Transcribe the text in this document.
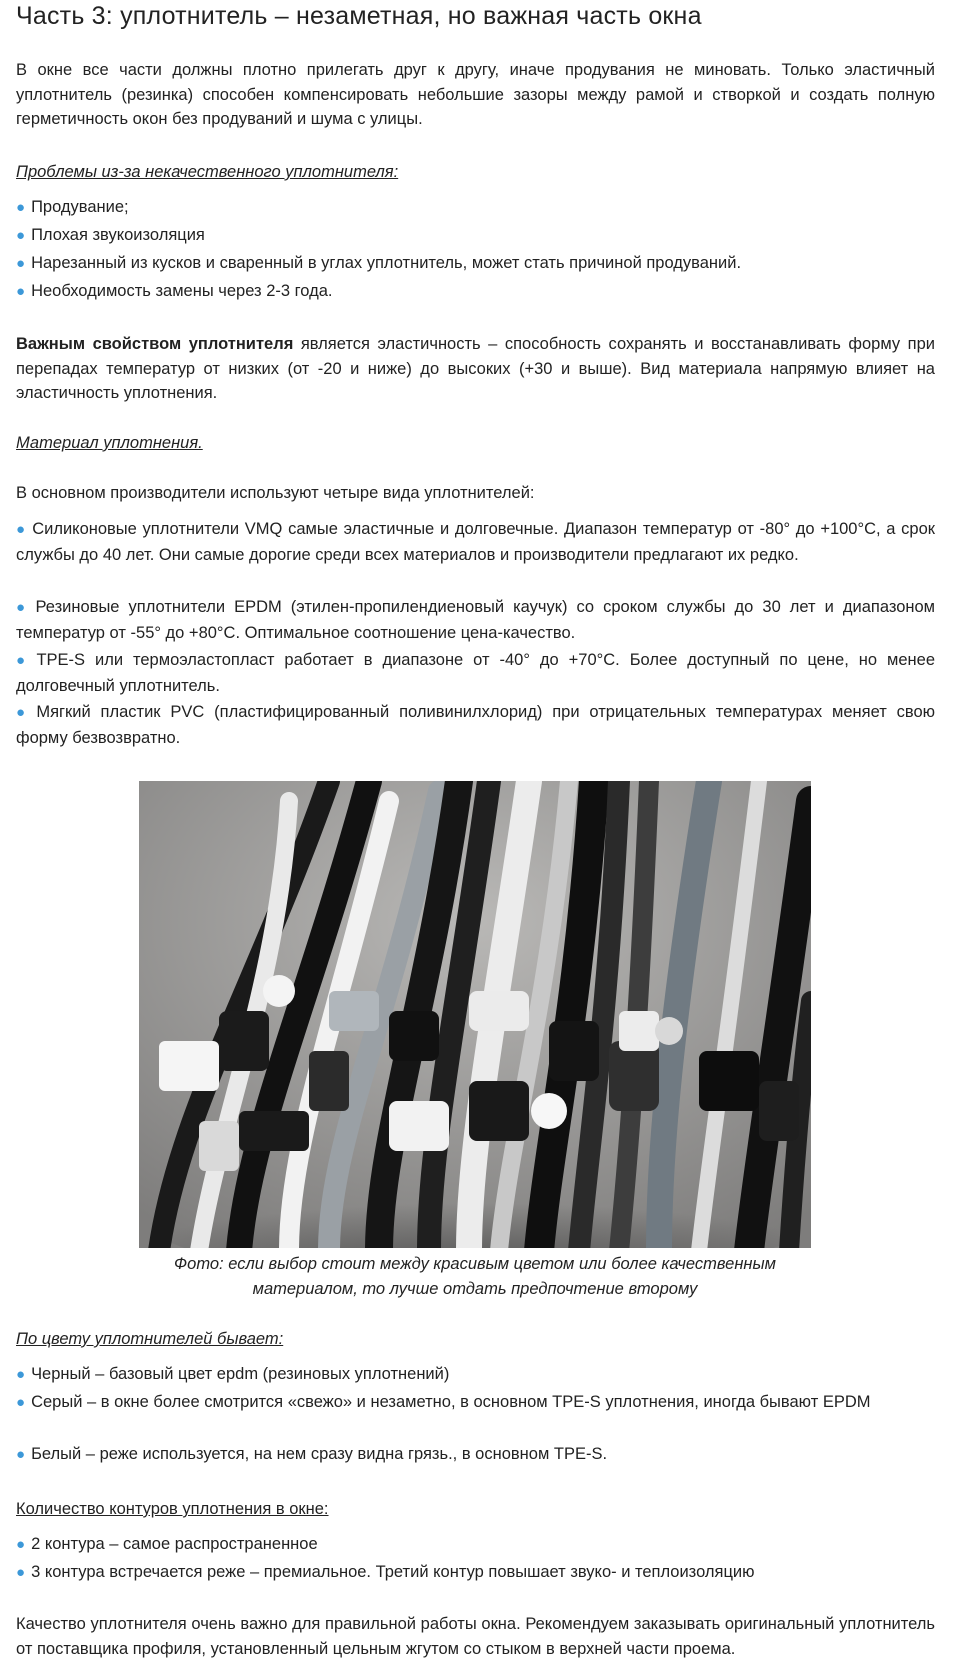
Часть 3: уплотнитель – незаметная, но важная часть окна

В окне все части должны плотно прилегать друг к другу, иначе продувания не миновать. Только эластичный уплотнитель (резинка) способен компенсировать небольшие зазоры между рамой и створкой и создать полную герметичность окон без продуваний и шума с улицы.

Проблемы из-за некачественного уплотнителя:
● Продувание;
● Плохая звукоизоляция
● Нарезанный из кусков и сваренный в углах уплотнитель, может стать причиной продуваний.
● Необходимость замены через 2-3 года.

Важным свойством уплотнителя является эластичность – способность сохранять и восстанавливать форму при перепадах температур от низких (от -20 и ниже) до высоких (+30 и выше). Вид материала напрямую влияет на эластичность уплотнения.

Материал уплотнения.
В основном производители используют четыре вида уплотнителей:
● Силиконовые уплотнители VMQ самые эластичные и долговечные. Диапазон температур от -80° до +100°С, а срок службы до 40 лет. Они самые дорогие среди всех материалов и производители предлагают их редко.
● Резиновые уплотнители EPDM (этилен-пропилендиеновый каучук) со сроком службы до 30 лет и диапазоном температур от -55° до +80°С. Оптимальное соотношение цена-качество.
● TPE-S или термоэластопласт работает в диапазоне от -40° до +70°С. Более доступный по цене, но менее долговечный уплотнитель.
● Мягкий пластик PVC (пластифицированный поливинилхлорид) при отрицательных температурах меняет свою форму безвозвратно.
Фото: если выбор стоит между красивым цветом или более качественным материалом, то лучше отдать предпочтение второму
По цвету уплотнителей бывает:
● Черный – базовый цвет epdm (резиновых уплотнений)
● Серый – в окне более смотрится «свежо» и незаметно, в основном TPE-S уплотнения, иногда бывают EPDM
● Белый – реже используется, на нем сразу видна грязь., в основном TPE-S.
Количество контуров уплотнения в окне:
● 2 контура – самое распространенное
● 3 контура встречается реже – премиальное. Третий контур повышает звуко- и теплоизоляцию

Качество уплотнителя очень важно для правильной работы окна. Рекомендуем заказывать оригинальный уплотнитель от поставщика профиля, установленный цельным жгутом со стыком в верхней части проема.
